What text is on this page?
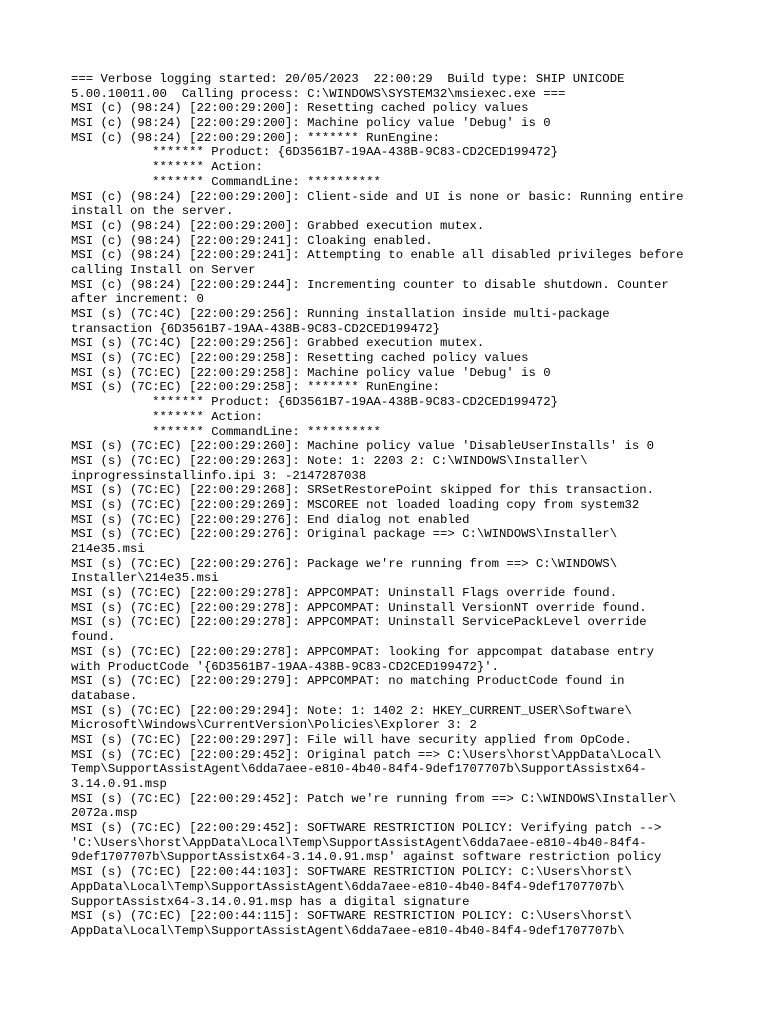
=== Verbose logging started: 20/05/2023  22:00:29  Build type: SHIP UNICODE
5.00.10011.00  Calling process: C:\WINDOWS\SYSTEM32\msiexec.exe ===
MSI (c) (98:24) [22:00:29:200]: Resetting cached policy values
MSI (c) (98:24) [22:00:29:200]: Machine policy value 'Debug' is 0
MSI (c) (98:24) [22:00:29:200]: ******* RunEngine:
******* Product: {6D3561B7-19AA-438B-9C83-CD2CED199472}
******* Action:
******* CommandLine: **********
MSI (c) (98:24) [22:00:29:200]: Client-side and UI is none or basic: Running entire
install on the server.
MSI (c) (98:24) [22:00:29:200]: Grabbed execution mutex.
MSI (c) (98:24) [22:00:29:241]: Cloaking enabled.
MSI (c) (98:24) [22:00:29:241]: Attempting to enable all disabled privileges before
calling Install on Server
MSI (c) (98:24) [22:00:29:244]: Incrementing counter to disable shutdown. Counter
after increment: 0
MSI (s) (7C:4C) [22:00:29:256]: Running installation inside multi-package
transaction {6D3561B7-19AA-438B-9C83-CD2CED199472}
MSI (s) (7C:4C) [22:00:29:256]: Grabbed execution mutex.
MSI (s) (7C:EC) [22:00:29:258]: Resetting cached policy values
MSI (s) (7C:EC) [22:00:29:258]: Machine policy value 'Debug' is 0
MSI (s) (7C:EC) [22:00:29:258]: ******* RunEngine:
******* Product: {6D3561B7-19AA-438B-9C83-CD2CED199472}
******* Action:
******* CommandLine: **********
MSI (s) (7C:EC) [22:00:29:260]: Machine policy value 'DisableUserInstalls' is 0
MSI (s) (7C:EC) [22:00:29:263]: Note: 1: 2203 2: C:\WINDOWS\Installer\
inprogressinstallinfo.ipi 3: -2147287038
MSI (s) (7C:EC) [22:00:29:268]: SRSetRestorePoint skipped for this transaction.
MSI (s) (7C:EC) [22:00:29:269]: MSCOREE not loaded loading copy from system32
MSI (s) (7C:EC) [22:00:29:276]: End dialog not enabled
MSI (s) (7C:EC) [22:00:29:276]: Original package ==> C:\WINDOWS\Installer\
214e35.msi
MSI (s) (7C:EC) [22:00:29:276]: Package we're running from ==> C:\WINDOWS\
Installer\214e35.msi
MSI (s) (7C:EC) [22:00:29:278]: APPCOMPAT: Uninstall Flags override found.
MSI (s) (7C:EC) [22:00:29:278]: APPCOMPAT: Uninstall VersionNT override found.
MSI (s) (7C:EC) [22:00:29:278]: APPCOMPAT: Uninstall ServicePackLevel override
found.
MSI (s) (7C:EC) [22:00:29:278]: APPCOMPAT: looking for appcompat database entry
with ProductCode '{6D3561B7-19AA-438B-9C83-CD2CED199472}'.
MSI (s) (7C:EC) [22:00:29:279]: APPCOMPAT: no matching ProductCode found in
database.
MSI (s) (7C:EC) [22:00:29:294]: Note: 1: 1402 2: HKEY_CURRENT_USER\Software\
Microsoft\Windows\CurrentVersion\Policies\Explorer 3: 2
MSI (s) (7C:EC) [22:00:29:297]: File will have security applied from OpCode.
MSI (s) (7C:EC) [22:00:29:452]: Original patch ==> C:\Users\horst\AppData\Local\
Temp\SupportAssistAgent\6dda7aee-e810-4b40-84f4-9def1707707b\SupportAssistx64-
3.14.0.91.msp
MSI (s) (7C:EC) [22:00:29:452]: Patch we're running from ==> C:\WINDOWS\Installer\
2072a.msp
MSI (s) (7C:EC) [22:00:29:452]: SOFTWARE RESTRICTION POLICY: Verifying patch -->
'C:\Users\horst\AppData\Local\Temp\SupportAssistAgent\6dda7aee-e810-4b40-84f4-
9def1707707b\SupportAssistx64-3.14.0.91.msp' against software restriction policy
MSI (s) (7C:EC) [22:00:44:103]: SOFTWARE RESTRICTION POLICY: C:\Users\horst\
AppData\Local\Temp\SupportAssistAgent\6dda7aee-e810-4b40-84f4-9def1707707b\
SupportAssistx64-3.14.0.91.msp has a digital signature
MSI (s) (7C:EC) [22:00:44:115]: SOFTWARE RESTRICTION POLICY: C:\Users\horst\
AppData\Local\Temp\SupportAssistAgent\6dda7aee-e810-4b40-84f4-9def1707707b\
